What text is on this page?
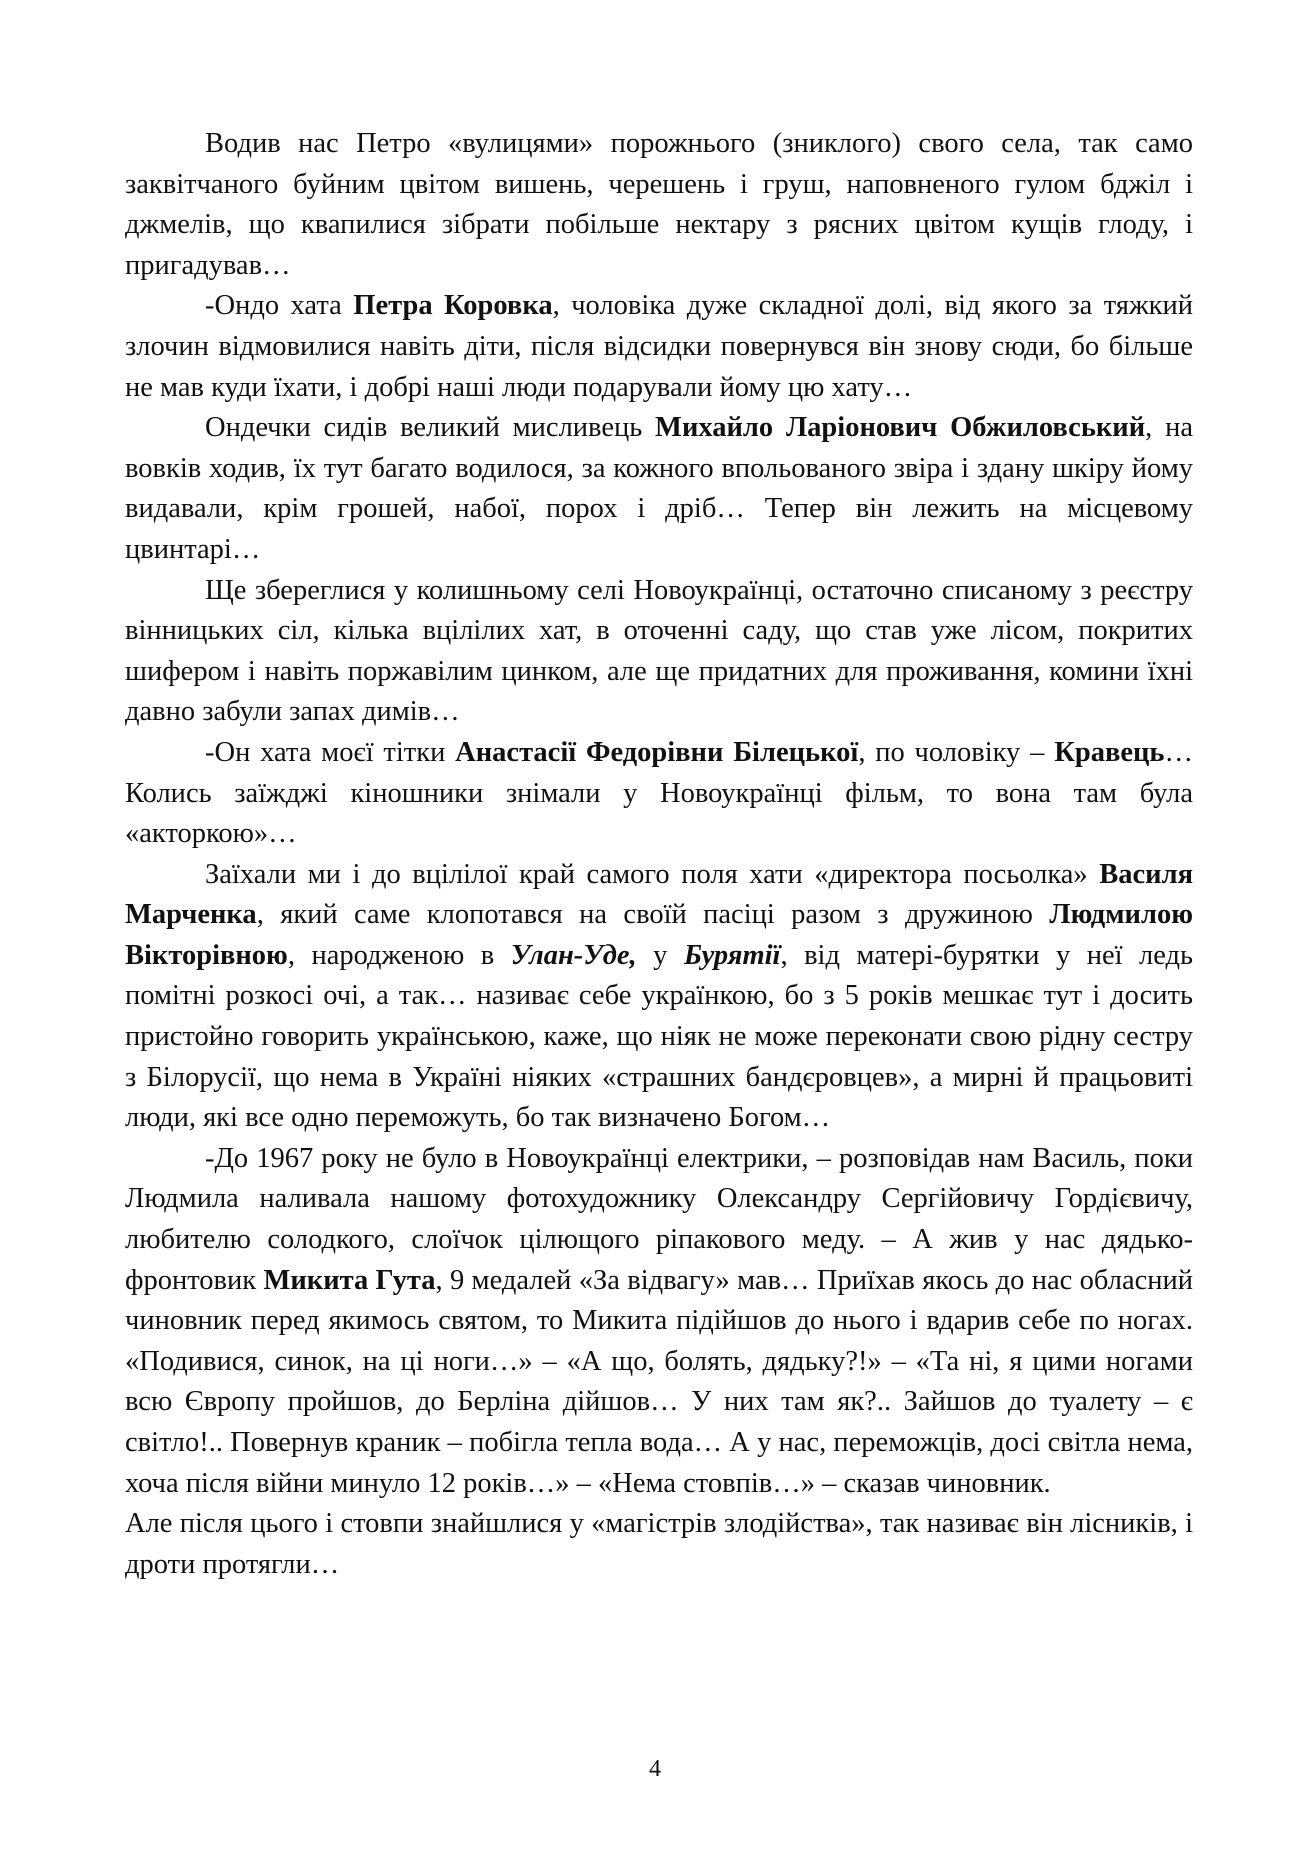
Водив нас Петро «вулицями» порожнього (зниклого) свого села, так само заквітчаного буйним цвітом вишень, черешень і груш, наповненого гулом бджіл і джмелів, що квапилися зібрати побільше нектару з рясних цвітом кущів глоду, і пригадував…

-Ондо хата Петра Коровка, чоловіка дуже складної долі, від якого за тяжкий злочин відмовилися навіть діти, після відсидки повернувся він знову сюди, бо більше не мав куди їхати, і добрі наші люди подарували йому цю хату…

Ондечки сидів великий мисливець Михайло Ларіонович Обжиловський, на вовків ходив, їх тут багато водилося, за кожного впольованого звіра і здану шкіру йому видавали, крім грошей, набої, порох і дріб… Тепер він лежить на місцевому цвинтарі…

Ще збереглися у колишньому селі Новоукраїнці, остаточно списаному з реєстру вінницьких сіл, кілька вцілілих хат, в оточенні саду, що став уже лісом, покритих шифером і навіть поржавілим цинком, але ще придатних для проживання, комини їхні давно забули запах димів…

-Он хата моєї тітки Анастасії Федорівни Білецької, по чоловіку – Кравець… Колись заїжджі кіношники знімали у Новоукраїнці фільм, то вона там була «акторкою»…

Заїхали ми і до вцілілої край самого поля хати «директора посьолка» Василя Марченка, який саме клопотався на своїй пасіці разом з дружиною Людмилою Вікторівною, народженою в Улан-Уде, у Бурятії, від матері-бурятки у неї ледь помітні розкосі очі, а так… називає себе українкою, бо з 5 років мешкає тут і досить пристойно говорить українською, каже, що ніяк не може переконати свою рідну сестру з Білорусії, що нема в Україні ніяких «страшних бандєровцев», а мирні й працьовиті люди, які все одно переможуть, бо так визначено Богом…

-До 1967 року не було в Новоукраїнці електрики, – розповідав нам Василь, поки Людмила наливала нашому фотохудожнику Олександру Сергійовичу Гордієвичу, любителю солодкого, слоїчок цілющого ріпакового меду. – А жив у нас дядько-фронтовик Микита Гута, 9 медалей «За відвагу» мав… Приїхав якось до нас обласний чиновник перед якимось святом, то Микита підійшов до нього і вдарив себе по ногах. «Подивися, синок, на ці ноги…» – «А що, болять, дядьку?!» – «Та ні, я цими ногами всю Європу пройшов, до Берліна дійшов… У них там як?.. Зайшов до туалету – є світло!.. Повернув краник – побігла тепла вода… А у нас, переможців, досі світла нема, хоча після війни минуло 12 років…» – «Нема стовпів…» – сказав чиновник.

Але після цього і стовпи знайшлися у «магістрів злодійства», так називає він лісників, і дроти протягли…

4
